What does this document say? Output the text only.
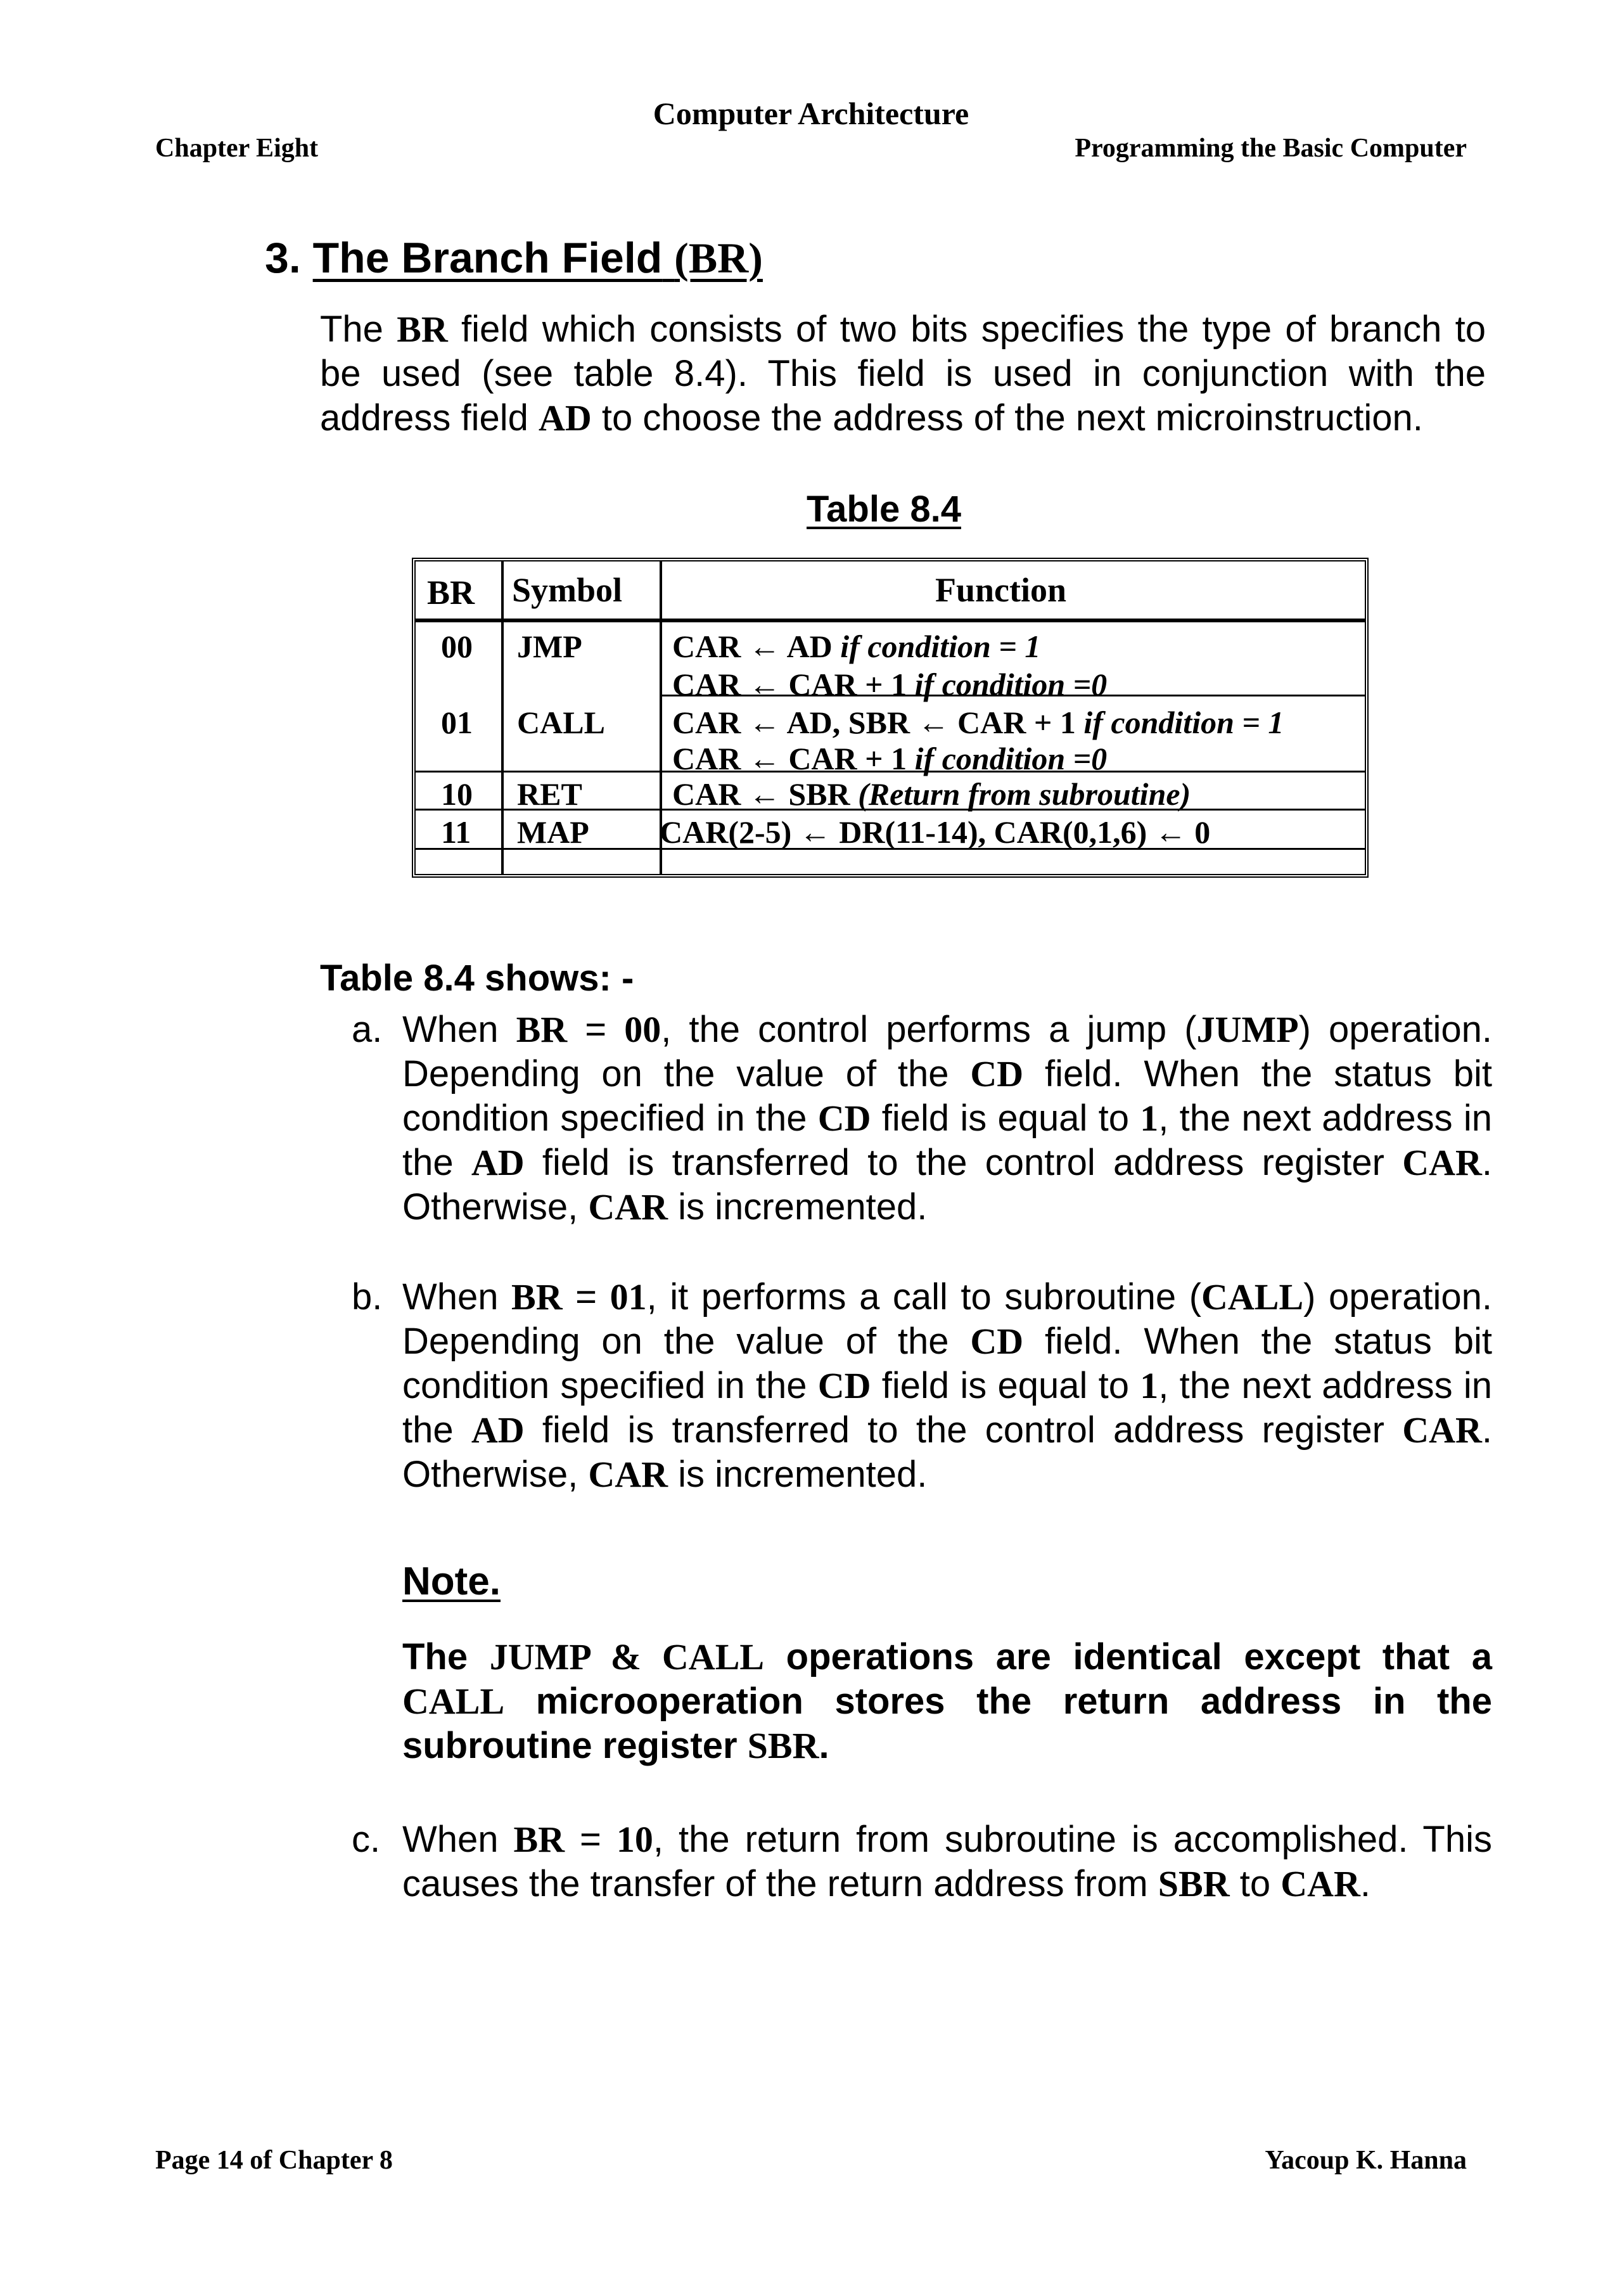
Computer Architecture
Chapter Eight	Programming the Basic Computer
3. The Branch Field (BR)
The BR field which consists of two bits specifies the type of branch to be used (see table 8.4). This field is used in conjunction with the address field AD to choose the address of the next microinstruction.
Table 8.4
BR Symbol	Function
00 JMP	CAR ← AD if condition = 1
CAR ← CAR + 1 if condition =0
01 CALL CAR ← AD, SBR ← CAR + 1 if condition = 1
CAR ← CAR + 1 if condition =0
10 RET	CAR ← SBR (Return from subroutine)
11 MAP CAR(2-5) ← DR(11-14), CAR(0,1,6) ← 0
Table 8.4 shows: -
a. When BR = 00, the control performs a jump (JUMP) operation. Depending on the value of the CD field. When the status bit condition specified in the CD field is equal to 1, the next address in the AD field is transferred to the control address register CAR. Otherwise, CAR is incremented.
b. When BR = 01, it performs a call to subroutine (CALL) operation. Depending on the value of the CD field. When the status bit condition specified in the CD field is equal to 1, the next address in the AD field is transferred to the control address register CAR. Otherwise, CAR is incremented.
Note.
The JUMP & CALL operations are identical except that a CALL microoperation stores the return address in the subroutine register SBR.
c. When BR = 10, the return from subroutine is accomplished. This causes the transfer of the return address from SBR to CAR.
Page 14 of Chapter 8	Yacoup K. Hanna
